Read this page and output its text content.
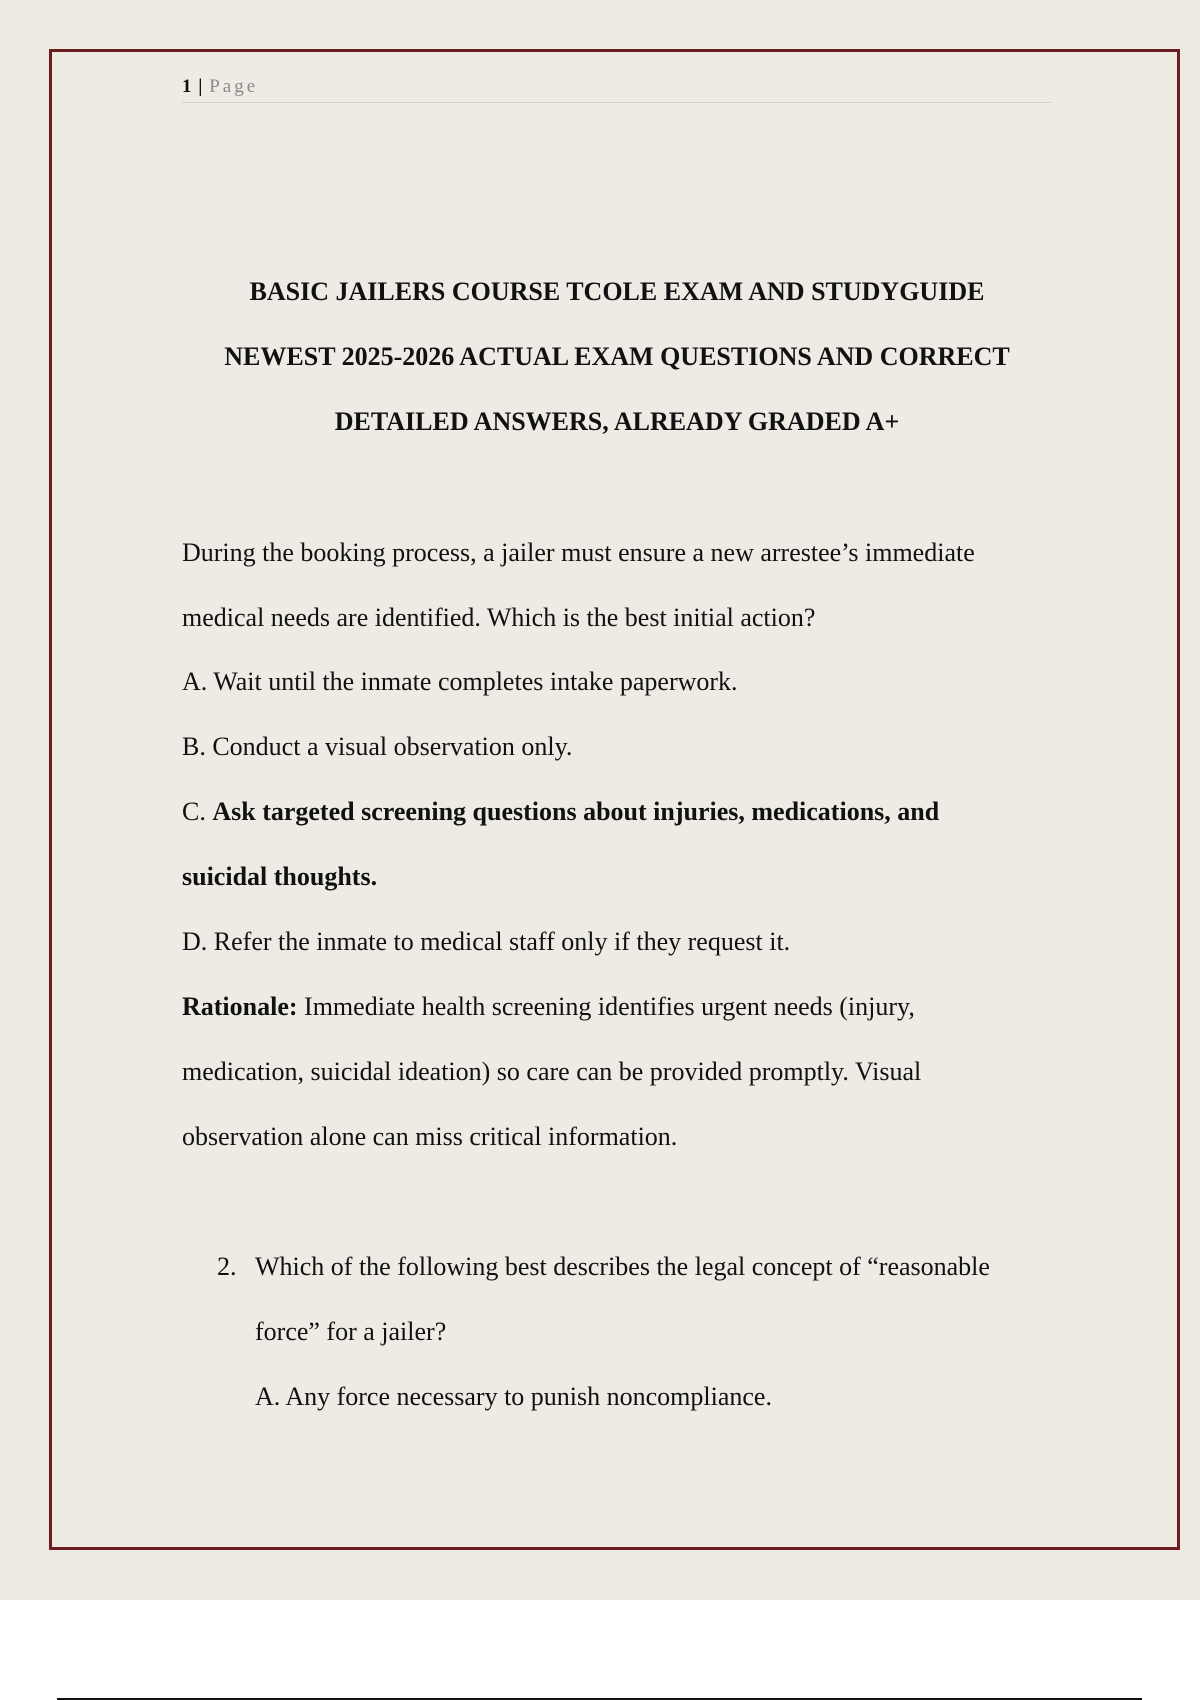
1 | Page
BASIC JAILERS COURSE TCOLE EXAM AND STUDYGUIDE
NEWEST 2025-2026 ACTUAL EXAM QUESTIONS AND CORRECT
DETAILED ANSWERS, ALREADY GRADED A+
During the booking process, a jailer must ensure a new arrestee’s immediate
medical needs are identified. Which is the best initial action?
A. Wait until the inmate completes intake paperwork.
B. Conduct a visual observation only.
C. Ask targeted screening questions about injuries, medications, and
suicidal thoughts.
D. Refer the inmate to medical staff only if they request it.
Rationale: Immediate health screening identifies urgent needs (injury,
medication, suicidal ideation) so care can be provided promptly. Visual
observation alone can miss critical information.
2. Which of the following best describes the legal concept of “reasonable
force” for a jailer?
A. Any force necessary to punish noncompliance.
